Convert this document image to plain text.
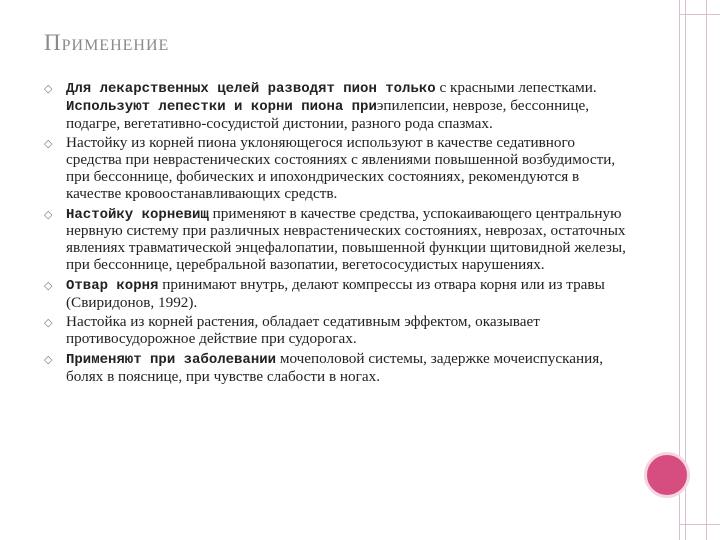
Применение
◇ Для лекарственных целей разводят пион только с красными лепестками. Используют лепестки и корни пиона приэпилепсии, неврозе, бессоннице, подагре, вегетативно-сосудистой дистонии, разного рода спазмах.
◇ Настойку из корней пиона уклоняющегося используют в качестве седативного средства при неврастенических состояниях с явлениями повышенной возбудимости, при бессоннице, фобических и ипохондрических состояниях, рекомендуются в качестве кровоостанавливающих средств.
◇ Настойку корневищ применяют в качестве средства, успокаивающего центральную нервную систему при различных неврастенических состояниях, неврозах, остаточных явлениях травматической энцефалопатии, повышенной функции щитовидной железы, при бессоннице, церебральной вазопатии, вегетососудистых нарушениях.
◇ Отвар корня принимают внутрь, делают компрессы из отвара корня или из травы (Свиридонов, 1992).
◇ Настойка из корней растения, обладает седативным эффектом, оказывает противосудорожное действие при судорогах.
◇ Применяют при заболевании мочеполовой системы, задержке мочеиспускания, болях в пояснице, при чувстве слабости в ногах.
